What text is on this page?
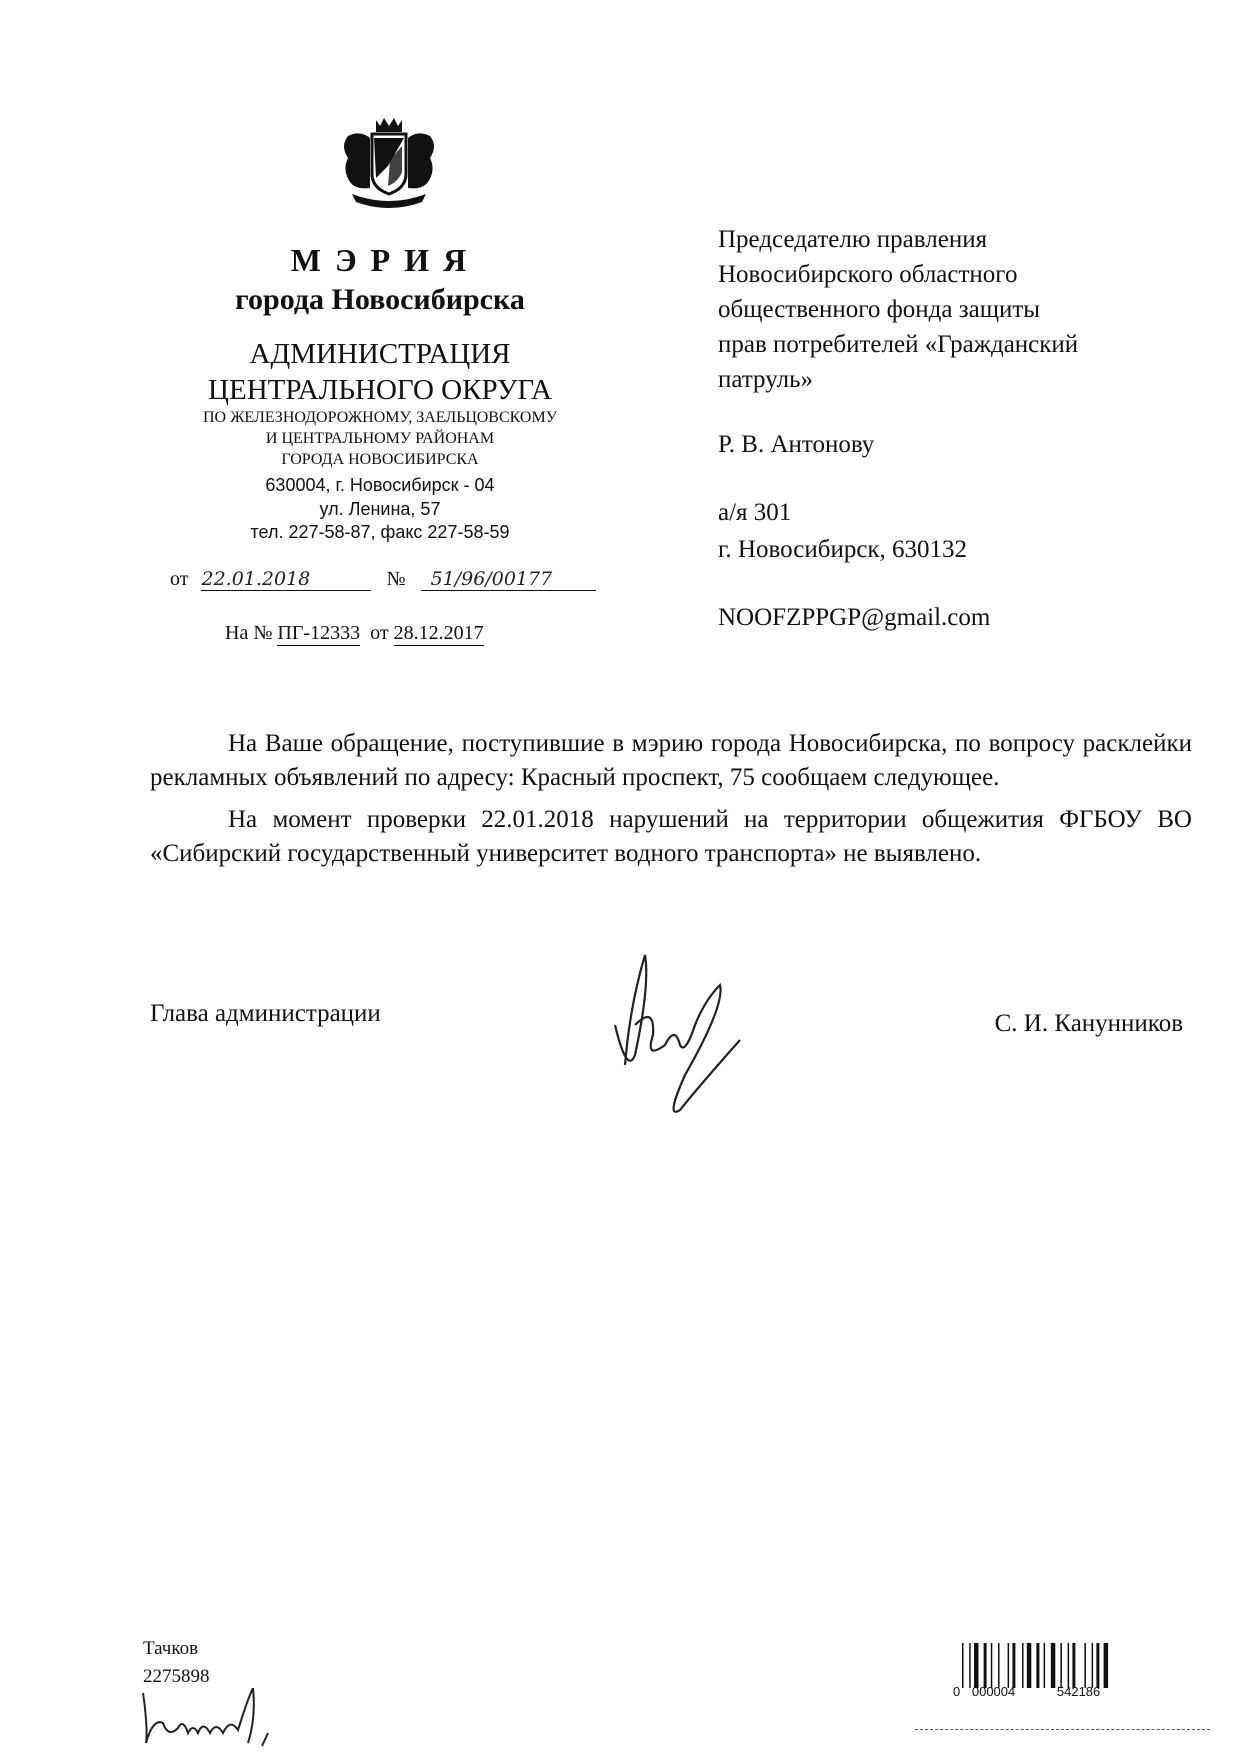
М Э Р И Я
города Новосибирска
АДМИНИСТРАЦИЯ
ЦЕНТРАЛЬНОГО ОКРУГА
ПО ЖЕЛЕЗНОДОРОЖНОМУ, ЗАЕЛЬЦОВСКОМУ
И ЦЕНТРАЛЬНОМУ РАЙОНАМ
ГОРОДА НОВОСИБИРСКА
630004, г. Новосибирск - 04
ул. Ленина, 57
тел. 227-58-87, факс 227-58-59
от 22.01.2018	№ 51/96/00177
На № ПГ-12333 от 28.12.2017
Председателю правления
Новосибирского областного
общественного фонда защиты
прав потребителей «Гражданский
патруль»
Р. В. Антонову
а/я 301
г. Новосибирск, 630132
NOOFZPPGP@gmail.com

На Ваше обращение, поступившие в мэрию города Новосибирска, по вопросу расклейки рекламных объявлений по адресу: Красный проспект, 75 сообщаем следующее.

На момент проверки 22.01.2018 нарушений на территории общежития ФГБОУ ВО «Сибирский государственный университет водного транспорта» не выявлено.

Глава администрации	С. И. Канунников
Тачков
2275898
0 000004	542186
